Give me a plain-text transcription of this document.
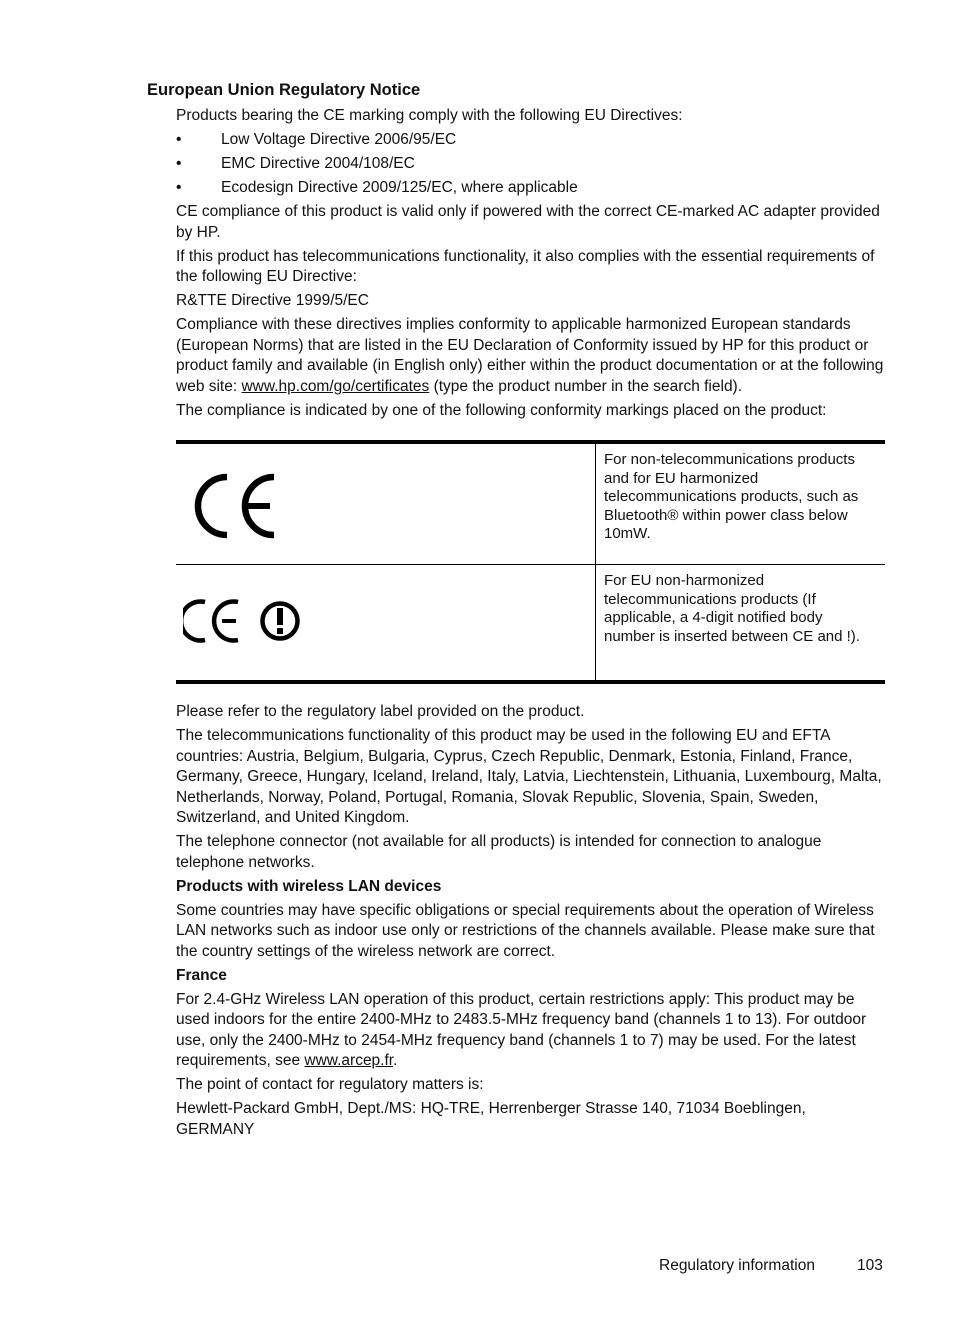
European Union Regulatory Notice

Products bearing the CE marking comply with the following EU Directives:

•	Low Voltage Directive 2006/95/EC
•	EMC Directive 2004/108/EC
•	Ecodesign Directive 2009/125/EC, where applicable

CE compliance of this product is valid only if powered with the correct CE-marked AC adapter provided by HP.

If this product has telecommunications functionality, it also complies with the essential requirements of the following EU Directive:

R&TTE Directive 1999/5/EC

Compliance with these directives implies conformity to applicable harmonized European standards (European Norms) that are listed in the EU Declaration of Conformity issued by HP for this product or product family and available (in English only) either within the product documentation or at the following web site: www.hp.com/go/certificates (type the product number in the search field).

The compliance is indicated by one of the following conformity markings placed on the product:

For non-telecommunications products and for EU harmonized telecommunications products, such as Bluetooth® within power class below 10mW.
For EU non-harmonized telecommunications products (If applicable, a 4-digit notified body number is inserted between CE and !).

Please refer to the regulatory label provided on the product.

The telecommunications functionality of this product may be used in the following EU and EFTA countries: Austria, Belgium, Bulgaria, Cyprus, Czech Republic, Denmark, Estonia, Finland, France, Germany, Greece, Hungary, Iceland, Ireland, Italy, Latvia, Liechtenstein, Lithuania, Luxembourg, Malta, Netherlands, Norway, Poland, Portugal, Romania, Slovak Republic, Slovenia, Spain, Sweden, Switzerland, and United Kingdom.

The telephone connector (not available for all products) is intended for connection to analogue telephone networks.

Products with wireless LAN devices

Some countries may have specific obligations or special requirements about the operation of Wireless LAN networks such as indoor use only or restrictions of the channels available. Please make sure that the country settings of the wireless network are correct.

France

For 2.4-GHz Wireless LAN operation of this product, certain restrictions apply: This product may be used indoors for the entire 2400-MHz to 2483.5-MHz frequency band (channels 1 to 13). For outdoor use, only the 2400-MHz to 2454-MHz frequency band (channels 1 to 7) may be used. For the latest requirements, see www.arcep.fr.

The point of contact for regulatory matters is:

Hewlett-Packard GmbH, Dept./MS: HQ-TRE, Herrenberger Strasse 140, 71034 Boeblingen, GERMANY

Regulatory information	103
